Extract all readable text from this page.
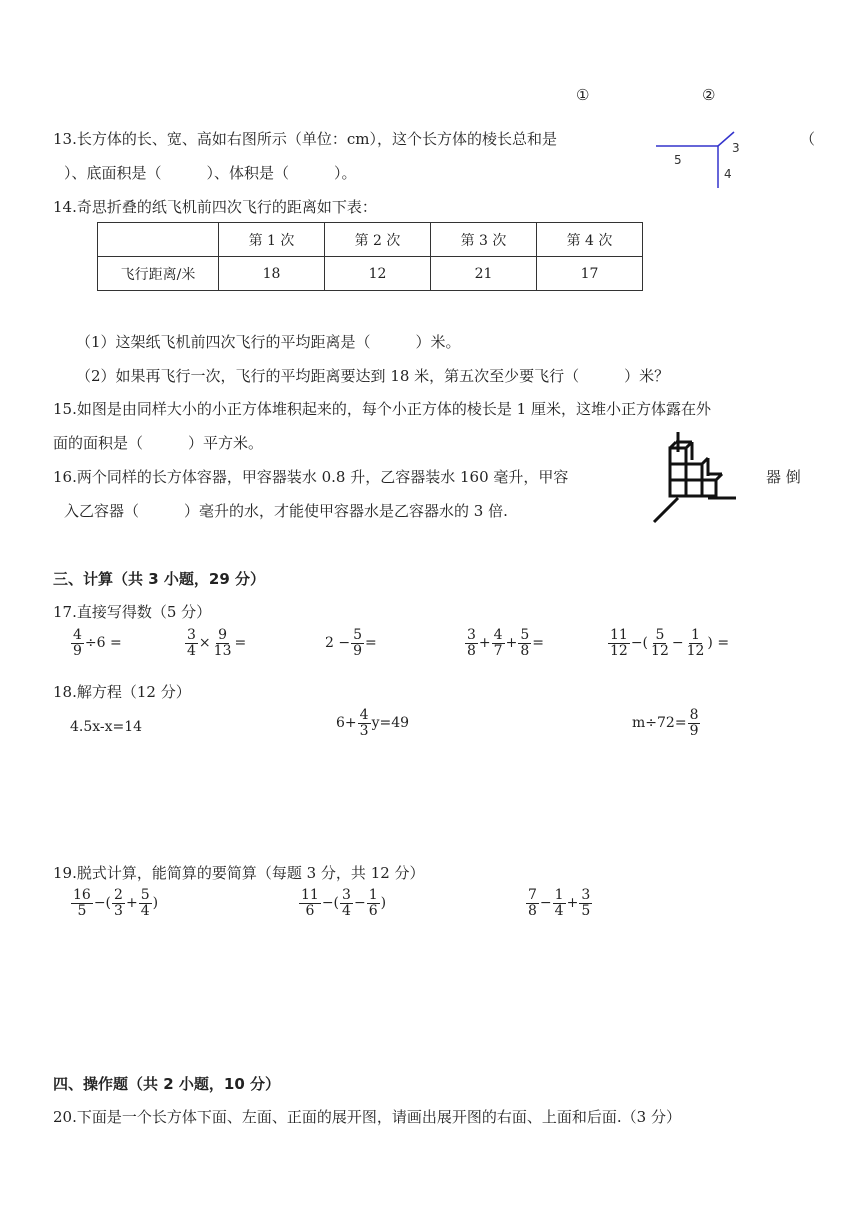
①	②
13.长方体的长、宽、高如右图所示（单位：cm），这个长方体的棱长总和是	（
）、底面积是（　　　）、体积是（　　　）。
5
3
4
14.奇思折叠的纸飞机前四次飞行的距离如下表：
	第 1 次	第 2 次	第 3 次	第 4 次
飞行距离/米	18	12	21	17
（1）这架纸飞机前四次飞行的平均距离是（　　　）米。
（2）如果再飞行一次，飞行的平均距离要达到 18 米，第五次至少要飞行（　　　）米？
15.如图是由同样大小的小正方体堆积起来的，每个小正方体的棱长是 1 厘米，这堆小正方体露在外
面的面积是（　　　）平方米。
16.两个同样的长方体容器，甲容器装水 0.8 升，乙容器装水 160 毫升，甲容	器 倒
入乙容器（　　　）毫升的水，才能使甲容器水是乙容器水的 3 倍.
三、计算（共 3 小题，29 分）
17.直接写得数（5 分）
$\frac{4}{9} \div 6$ =	$\frac{3}{4} \times \frac{9}{13}$ =	$2 - \frac{5}{9}$ =	$\frac{3}{8} + \frac{4}{7} + \frac{5}{8}$ =	$\frac{11}{12}$ −( $\frac{5}{12} - \frac{1}{12}$ ) =
18.解方程（12 分）
4.5x-x=14	$6+ \frac{4}{3} y=49$	$m\div 72= \frac{8}{9}$
19.脱式计算，能简算的要简算（每题 3 分，共 12 分）
$\frac{16}{5}$ −( $\frac{2}{3} + \frac{5}{4}$ )	$\frac{11}{6}$ −( $\frac{3}{4} - \frac{1}{6}$ )	$\frac{7}{8} - \frac{1}{4} + \frac{3}{5}$
四、操作题（共 2 小题，10 分）
20.下面是一个长方体下面、左面、正面的展开图，请画出展开图的右面、上面和后面.（3 分）
